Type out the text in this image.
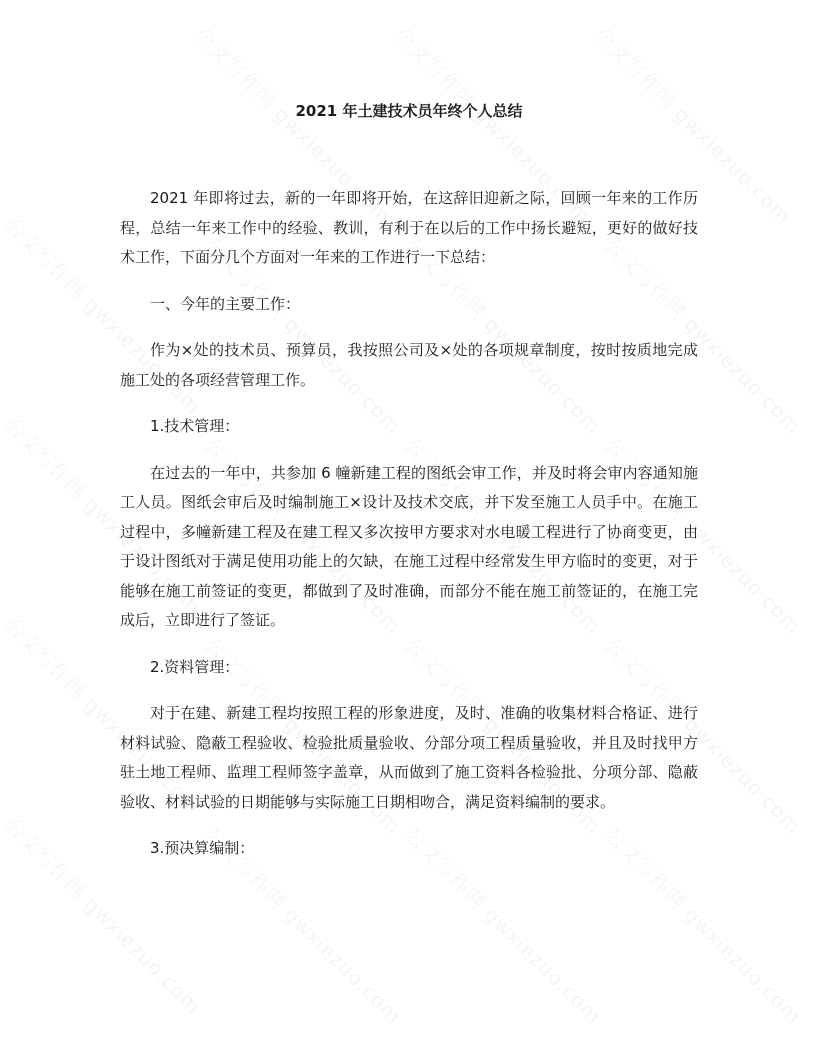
2021 年土建技术员年终个人总结

2021 年即将过去，新的一年即将开始，在这辞旧迎新之际，回顾一年来的工作历程，总结一年来工作中的经验、教训，有利于在以后的工作中扬长避短，更好的做好技术工作，下面分几个方面对一年来的工作进行一下总结：

一、今年的主要工作：

作为×处的技术员、预算员，我按照公司及×处的各项规章制度，按时按质地完成施工处的各项经营管理工作。

1.技术管理：

在过去的一年中，共参加 6 幢新建工程的图纸会审工作，并及时将会审内容通知施工人员。图纸会审后及时编制施工×设计及技术交底，并下发至施工人员手中。在施工过程中，多幢新建工程及在建工程又多次按甲方要求对水电暖工程进行了协商变更，由于设计图纸对于满足使用功能上的欠缺，在施工过程中经常发生甲方临时的变更，对于能够在施工前签证的变更，都做到了及时准确，而部分不能在施工前签证的，在施工完成后，立即进行了签证。

2.资料管理：

对于在建、新建工程均按照工程的形象进度，及时、准确的收集材料合格证、进行材料试验、隐蔽工程验收、检验批质量验收、分部分项工程质量验收，并且及时找甲方驻土地工程师、监理工程师签字盖章，从而做到了施工资料各检验批、分项分部、隐蔽验收、材料试验的日期能够与实际施工日期相吻合，满足资料编制的要求。

3.预决算编制：
